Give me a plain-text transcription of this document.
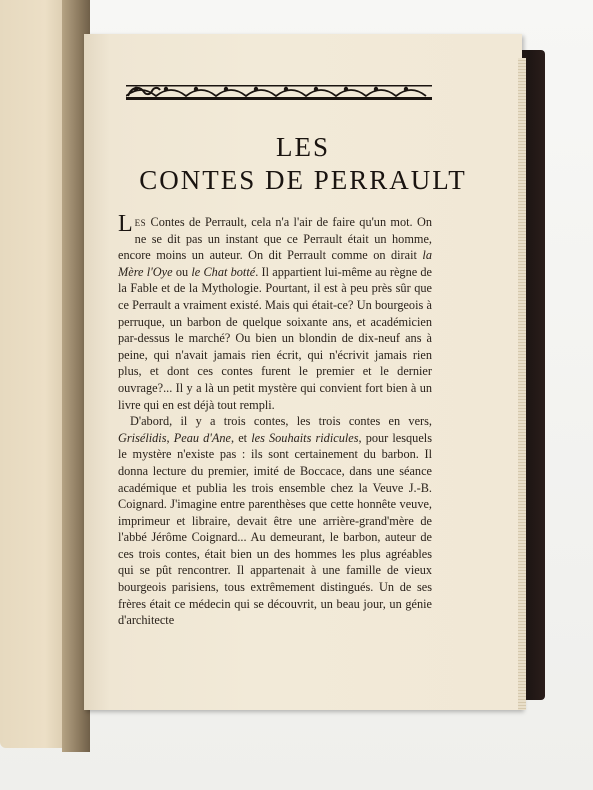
LES
CONTES DE PERRAULT

Les Contes de Perrault, cela n'a l'air de faire qu'un mot. On ne se dit pas un instant que ce Perrault était un homme, encore moins un auteur. On dit Perrault comme on dirait la Mère l'Oye ou le Chat botté. Il appartient lui-même au règne de la Fable et de la Mythologie. Pourtant, il est à peu près sûr que ce Perrault a vraiment existé. Mais qui était-ce? Un bourgeois à perruque, un barbon de quelque soixante ans, et académicien par-dessus le marché? Ou bien un blondin de dix-neuf ans à peine, qui n'avait jamais rien écrit, qui n'écrivit jamais rien plus, et dont ces contes furent le premier et le dernier ouvrage?... Il y a là un petit mystère qui convient fort bien à un livre qui en est déjà tout rempli.

D'abord, il y a trois contes, les trois contes en vers, Grisélidis, Peau d'Ane, et les Souhaits ridicules, pour lesquels le mystère n'existe pas : ils sont certainement du barbon. Il donna lecture du premier, imité de Boccace, dans une séance académique et publia les trois ensemble chez la Veuve J.-B. Coignard. J'imagine entre parenthèses que cette honnête veuve, imprimeur et libraire, devait être une arrière-grand'mère de l'abbé Jérôme Coignard... Au demeurant, le barbon, auteur de ces trois contes, était bien un des hommes les plus agréables qui se pût rencontrer. Il appartenait à une famille de vieux bourgeois parisiens, tous extrêmement distingués. Un de ses frères était ce médecin qui se découvrit, un beau jour, un génie d'architecte
